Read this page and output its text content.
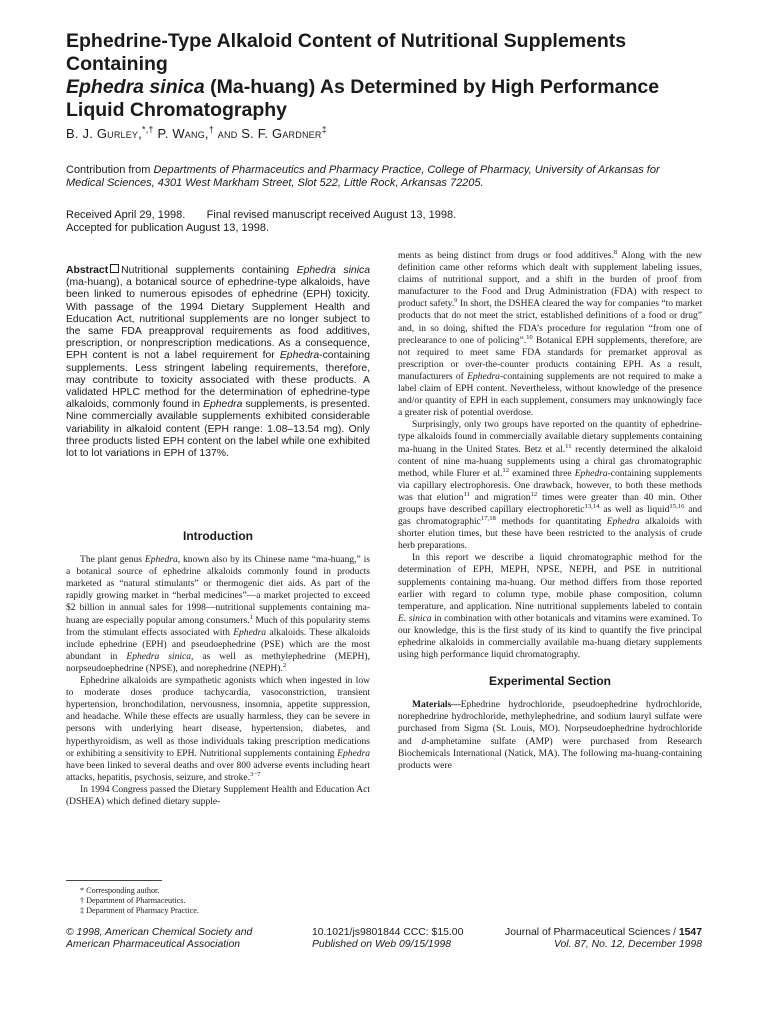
Ephedrine-Type Alkaloid Content of Nutritional Supplements Containing
Ephedra sinica (Ma-huang) As Determined by High Performance Liquid Chromatography
B. J. Gurley,*,† P. Wang,† and S. F. Gardner‡
Contribution from Departments of Pharmaceutics and Pharmacy Practice, College of Pharmacy, University of Arkansas for Medical Sciences, 4301 West Markham Street, Slot 522, Little Rock, Arkansas 72205.
Received April 29, 1998. Final revised manuscript received August 13, 1998.
Accepted for publication August 13, 1998.
Abstract Nutritional supplements containing Ephedra sinica (ma-huang), a botanical source of ephedrine-type alkaloids, have been linked to numerous episodes of ephedrine (EPH) toxicity. With passage of the 1994 Dietary Supplement Health and Education Act, nutritional supplements are no longer subject to the same FDA preapproval requirements as food additives, prescription, or nonprescription medications. As a consequence, EPH content is not a label requirement for Ephedra-containing supplements. Less stringent labeling requirements, therefore, may contribute to toxicity associated with these products. A validated HPLC method for the determination of ephedrine-type alkaloids, commonly found in Ephedra supplements, is presented. Nine commercially available supplements exhibited considerable variability in alkaloid content (EPH range: 1.08–13.54 mg). Only three products listed EPH content on the label while one exhibited lot to lot variations in EPH of 137%.
Introduction

The plant genus Ephedra, known also by its Chinese name “ma-huang,” is a botanical source of ephedrine alkaloids commonly found in products marketed as “natural stimulants” or thermogenic diet aids. As part of the rapidly growing market in “herbal medicines”—a market projected to exceed $2 billion in annual sales for 1998—nutritional supplements containing ma-huang are especially popular among consumers.$^1$ Much of this popularity stems from the stimulant effects associated with Ephedra alkaloids. These alkaloids include ephedrine (EPH) and pseudoephedrine (PSE) which are the most abundant in Ephedra sinica, as well as methylephedrine (MEPH), norpseudoephedrine (NPSE), and norephedrine (NEPH).$^2$

Ephedrine alkaloids are sympathetic agonists which when ingested in low to moderate doses produce tachycardia, vasoconstriction, transient hypertension, bronchodilation, nervousness, insomnia, appetite suppression, and headache. While these effects are usually harmless, they can be severe in persons with underlying heart disease, hypertension, diabetes, and hyperthyroidism, as well as those individuals taking prescription medications or exhibiting a sensitivity to EPH. Nutritional supplements containing Ephedra have been linked to several deaths and over 800 adverse events including heart attacks, hepatitis, psychosis, seizure, and stroke.$^{3-7}$

In 1994 Congress passed the Dietary Supplement Health and Education Act (DSHEA) which defined dietary supple-

ments as being distinct from drugs or food additives.$^8$ Along with the new definition came other reforms which dealt with supplement labeling issues, claims of nutritional support, and a shift in the burden of proof from manufacturer to the Food and Drug Administration (FDA) with respect to product safety.$^9$ In short, the DSHEA cleared the way for companies “to market products that do not meet the strict, established definitions of a food or drug” and, in so doing, shifted the FDA’s procedure for regulation “from one of preclearance to one of policing”.$^{10}$ Botanical EPH supplements, therefore, are not required to meet same FDA standards for premarket approval as prescription or over-the-counter products containing EPH. As a result, manufacturers of Ephedra-containing supplements are not required to make a label claim of EPH content. Nevertheless, without knowledge of the presence and/or quantity of EPH in each supplement, consumers may unknowingly face a greater risk of potential overdose.

Surprisingly, only two groups have reported on the quantity of ephedrine-type alkaloids found in commercially available dietary supplements containing ma-huang in the United States. Betz et al.$^{11}$ recently determined the alkaloid content of nine ma-huang supplements using a chiral gas chromatographic method, while Flurer et al.$^{12}$ examined three Ephedra-containing supplements via capillary electrophoresis. One drawback, however, to both these methods was that elution$^{11}$ and migration$^{12}$ times were greater than 40 min. Other groups have described capillary electrophoretic$^{13,14}$ as well as liquid$^{15,16}$ and gas chromatographic$^{17,18}$ methods for quantitating Ephedra alkaloids with shorter elution times, but these have been restricted to the analysis of crude herb preparations.

In this report we describe a liquid chromatographic method for the determination of EPH, MEPH, NPSE, NEPH, and PSE in nutritional supplements containing ma-huang. Our method differs from those reported earlier with regard to column type, mobile phase composition, column temperature, and application. Nine nutritional supplements labeled to contain E. sinica in combination with other botanicals and vitamins were examined. To our knowledge, this is the first study of its kind to quantify the five principal ephedrine alkaloids in commercially available ma-huang dietary supplements using high performance liquid chromatography.

Experimental Section

Materials—Ephedrine hydrochloride, pseudoephedrine hydrochloride, norephedrine hydrochloride, methylephedrine, and sodium lauryl sulfate were purchased from Sigma (St. Louis, MO). Norpseudoephedrine hydrochloride and d-amphetamine sulfate (AMP) were purchased from Research Biochemicals International (Natick, MA). The following ma-huang-containing products were

* Corresponding author.
† Department of Pharmaceutics.
‡ Department of Pharmacy Practice.
© 1998, American Chemical Society and
American Pharmaceutical Association
10.1021/js9801844 CCC: $15.00
Published on Web 09/15/1998
Journal of Pharmaceutical Sciences / 1547
Vol. 87, No. 12, December 1998
